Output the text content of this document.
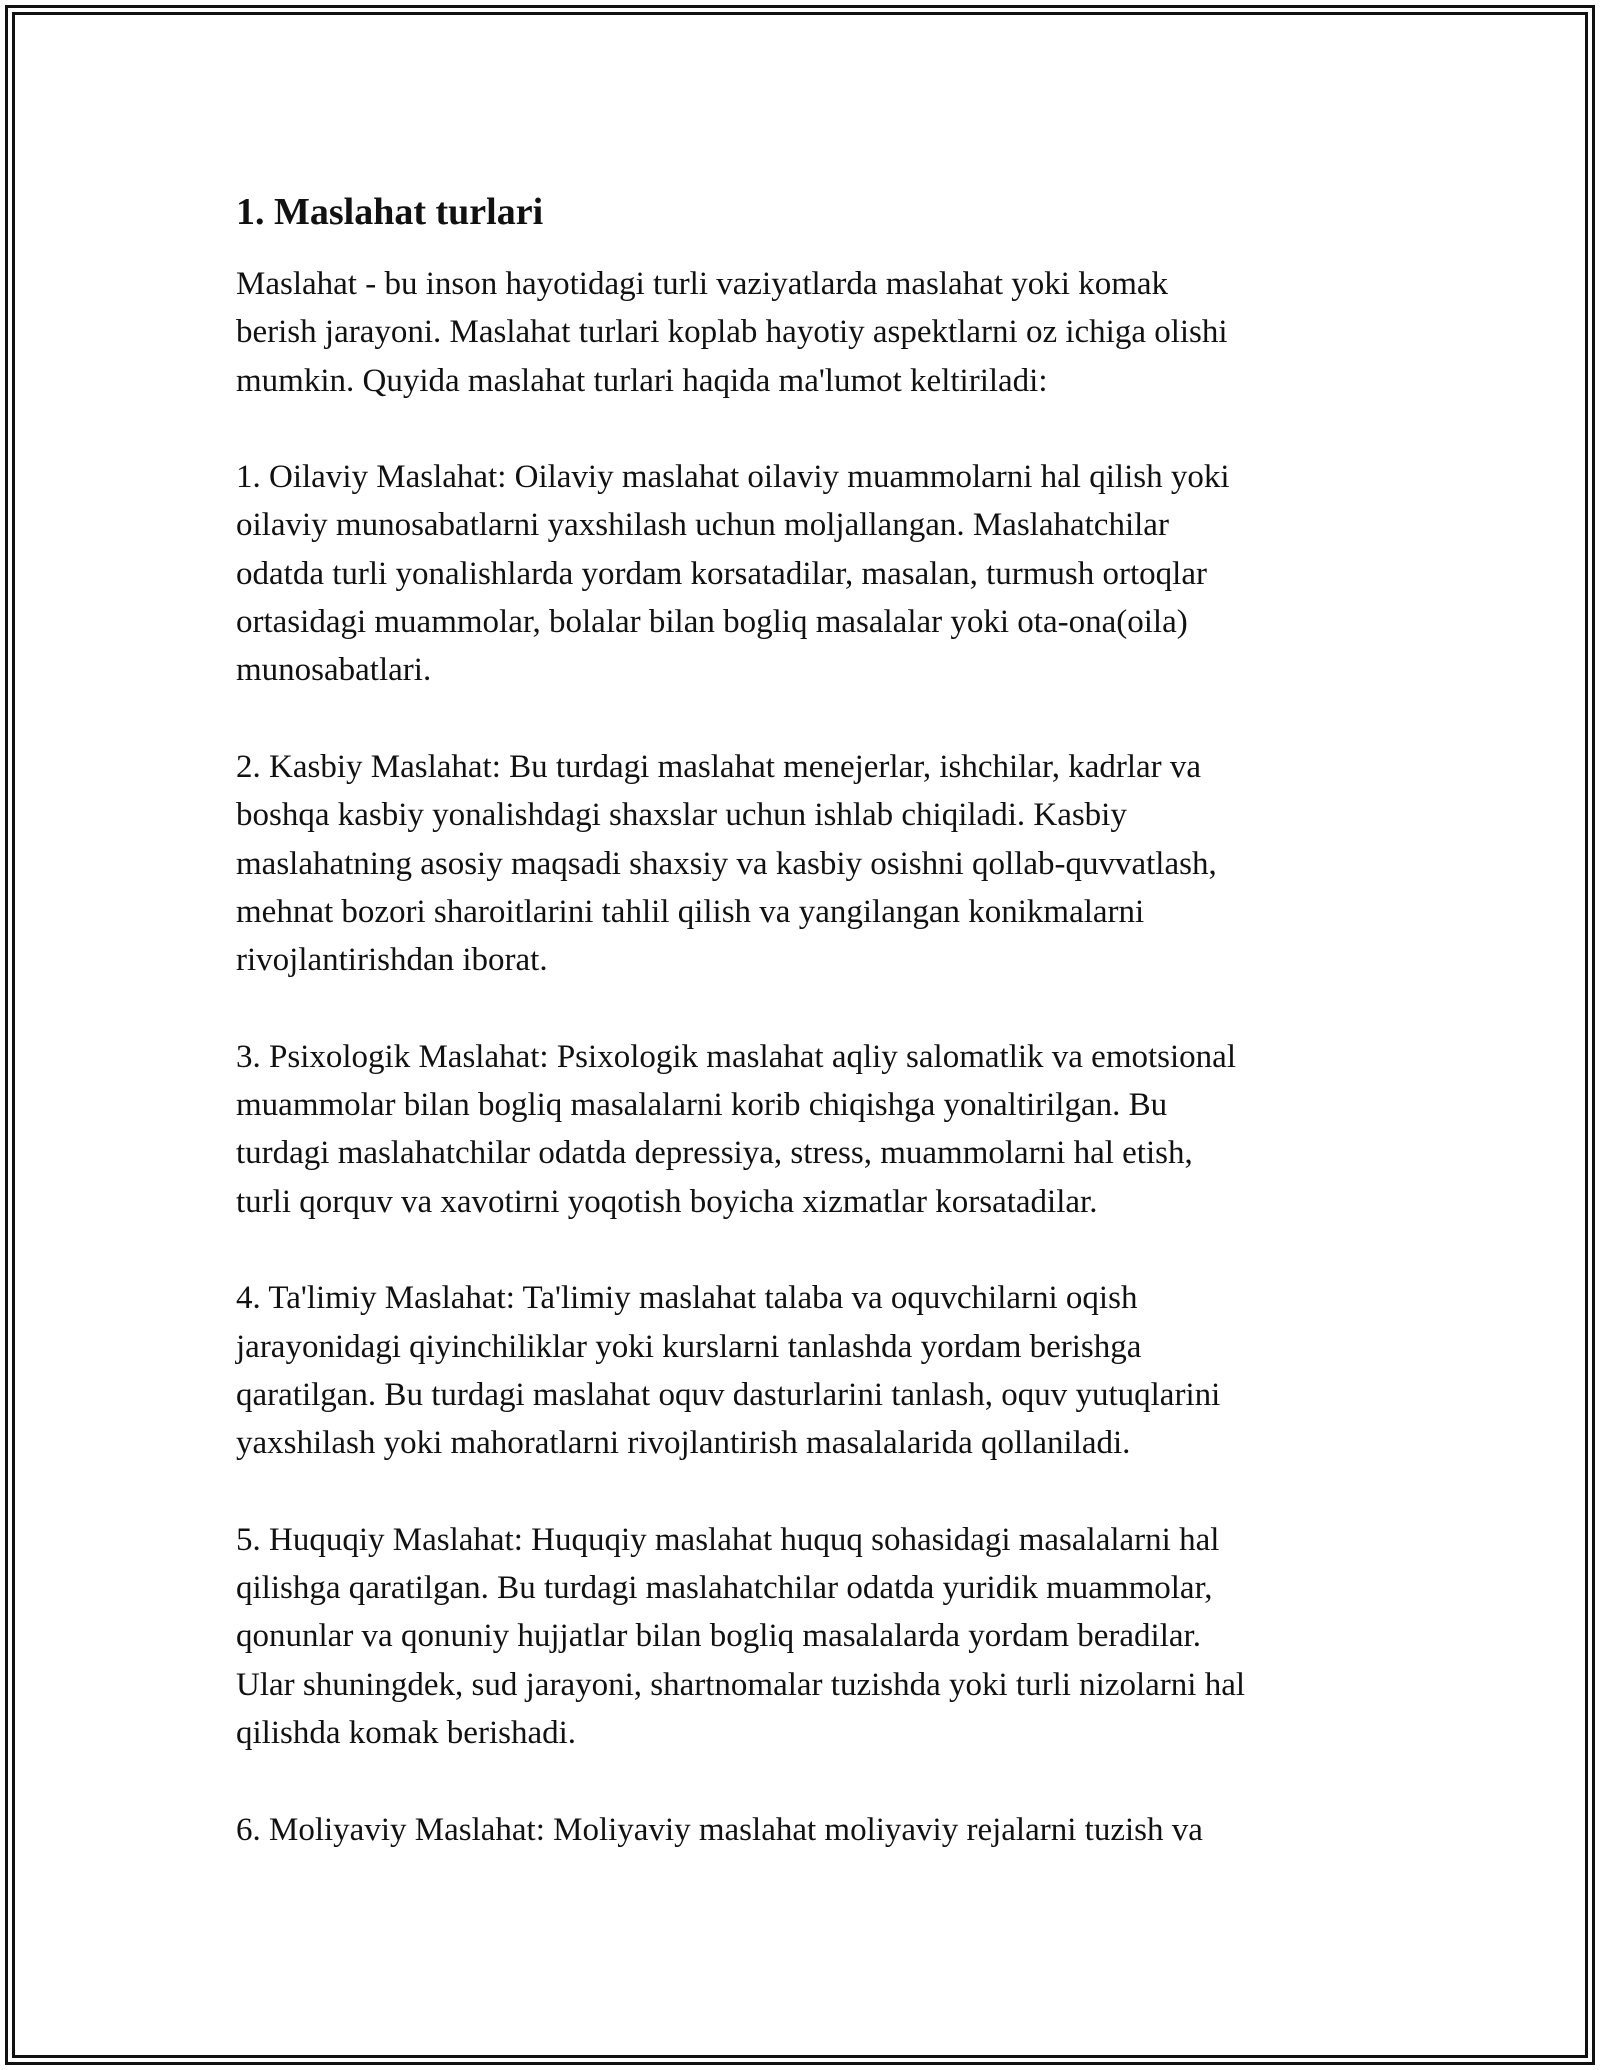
1. Maslahat turlari

Maslahat - bu inson hayotidagi turli vaziyatlarda maslahat yoki komak
berish jarayoni. Maslahat turlari koplab hayotiy aspektlarni oz ichiga olishi
mumkin. Quyida maslahat turlari haqida ma'lumot keltiriladi:

1. Oilaviy Maslahat: Oilaviy maslahat oilaviy muammolarni hal qilish yoki
oilaviy munosabatlarni yaxshilash uchun moljallangan. Maslahatchilar
odatda turli yonalishlarda yordam korsatadilar, masalan, turmush ortoqlar
ortasidagi muammolar, bolalar bilan bogliq masalalar yoki ota-ona(oila)
munosabatlari.

2. Kasbiy Maslahat: Bu turdagi maslahat menejerlar, ishchilar, kadrlar va
boshqa kasbiy yonalishdagi shaxslar uchun ishlab chiqiladi. Kasbiy
maslahatning asosiy maqsadi shaxsiy va kasbiy osishni qollab-quvvatlash,
mehnat bozori sharoitlarini tahlil qilish va yangilangan konikmalarni
rivojlantirishdan iborat.

3. Psixologik Maslahat: Psixologik maslahat aqliy salomatlik va emotsional
muammolar bilan bogliq masalalarni korib chiqishga yonaltirilgan. Bu
turdagi maslahatchilar odatda depressiya, stress, muammolarni hal etish,
turli qorquv va xavotirni yoqotish boyicha xizmatlar korsatadilar.

4. Ta'limiy Maslahat: Ta'limiy maslahat talaba va oquvchilarni oqish
jarayonidagi qiyinchiliklar yoki kurslarni tanlashda yordam berishga
qaratilgan. Bu turdagi maslahat oquv dasturlarini tanlash, oquv yutuqlarini
yaxshilash yoki mahoratlarni rivojlantirish masalalarida qollaniladi.

5. Huquqiy Maslahat: Huquqiy maslahat huquq sohasidagi masalalarni hal
qilishga qaratilgan. Bu turdagi maslahatchilar odatda yuridik muammolar,
qonunlar va qonuniy hujjatlar bilan bogliq masalalarda yordam beradilar.
Ular shuningdek, sud jarayoni, shartnomalar tuzishda yoki turli nizolarni hal
qilishda komak berishadi.

6. Moliyaviy Maslahat: Moliyaviy maslahat moliyaviy rejalarni tuzish va
